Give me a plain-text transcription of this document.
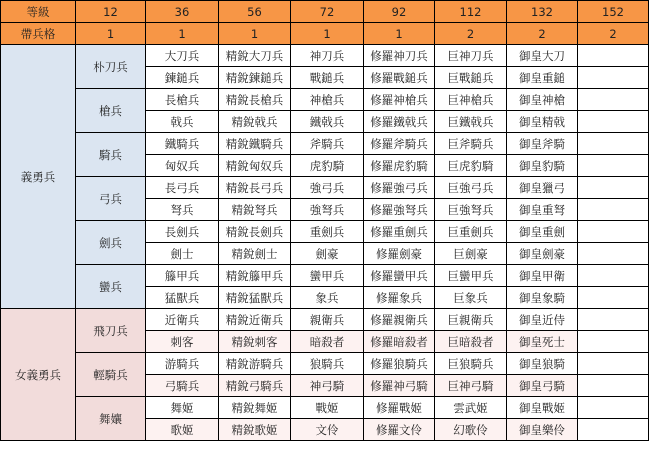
等級	12	36	56	72	92	112	132	152
帶兵格	1	1	1	1	1	2	2	2
義勇兵	朴刀兵	大刀兵	精銳大刀兵	神刀兵	修羅神刀兵	巨神刀兵	御皇大刀	
		鍊鎚兵	精銳鍊鎚兵	戰鎚兵	修羅戰鎚兵	巨戰鎚兵	御皇重鎚	
	槍兵	長槍兵	精銳長槍兵	神槍兵	修羅神槍兵	巨神槍兵	御皇神槍	
		戟兵	精銳戟兵	鐵戟兵	修羅鐵戟兵	巨鐵戟兵	御皇精戟	
	騎兵	鐵騎兵	精銳鐵騎兵	斧騎兵	修羅斧騎兵	巨斧騎兵	御皇斧騎	
		匈奴兵	精銳匈奴兵	虎豹騎	修羅虎豹騎	巨虎豹騎	御皇豹騎	
	弓兵	長弓兵	精銳長弓兵	強弓兵	修羅強弓兵	巨強弓兵	御皇獵弓	
		弩兵	精銳弩兵	強弩兵	修羅強弩兵	巨強弩兵	御皇重弩	
	劍兵	長劍兵	精銳長劍兵	重劍兵	修羅重劍兵	巨重劍兵	御皇重劍	
		劍士	精銳劍士	劍豪	修羅劍豪	巨劍豪	御皇劍豪	
	蠻兵	籐甲兵	精銳籐甲兵	蠻甲兵	修羅蠻甲兵	巨蠻甲兵	御皇甲衛	
		猛獸兵	精銳猛獸兵	象兵	修羅象兵	巨象兵	御皇象騎	
女義勇兵	飛刀兵	近衛兵	精銳近衛兵	親衛兵	修羅親衛兵	巨親衛兵	御皇近侍	
		刺客	精銳刺客	暗殺者	修羅暗殺者	巨暗殺者	御皇死士	
	輕騎兵	游騎兵	精銳游騎兵	狼騎兵	修羅狼騎兵	巨狼騎兵	御皇狼騎	
		弓騎兵	精銳弓騎兵	神弓騎	修羅神弓騎	巨神弓騎	御皇弓騎	
	舞孃	舞姬	精銳舞姬	戰姬	修羅戰姬	雲武姬	御皇戰姬	
		歌姬	精銳歌姬	文伶	修羅文伶	幻歌伶	御皇樂伶	
